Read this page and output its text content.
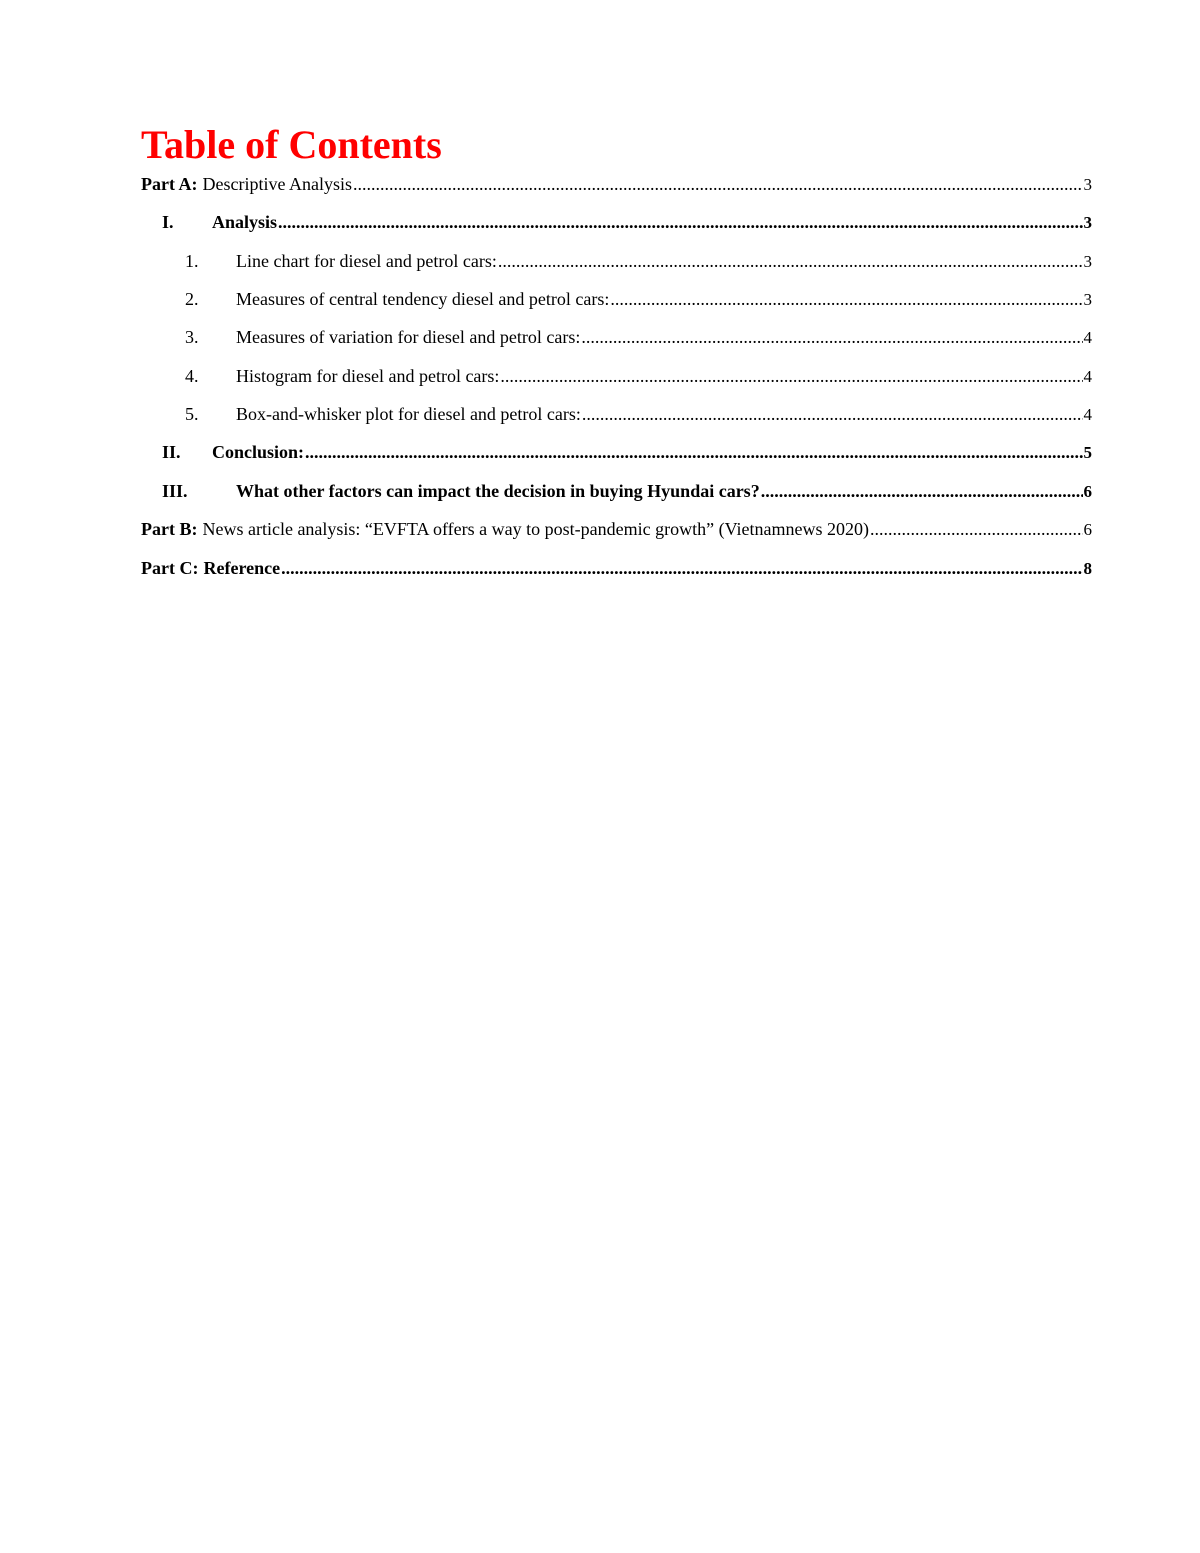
Table of Contents
Part A: Descriptive Analysis .....	3
I.	Analysis .....	3
1.	Line chart for diesel and petrol cars: .....	3
2.	Measures of central tendency diesel and petrol cars: .....	3
3.	Measures of variation for diesel and petrol cars: .....	4
4.	Histogram for diesel and petrol cars: .....	4
5.	Box-and-whisker plot for diesel and petrol cars: .....	4
II.	Conclusion: .....	5
III.	What other factors can impact the decision in buying Hyundai cars? .....	6
Part B: News article analysis: “EVFTA offers a way to post-pandemic growth” (Vietnamnews 2020) .....	6
Part C: Reference .....	8
